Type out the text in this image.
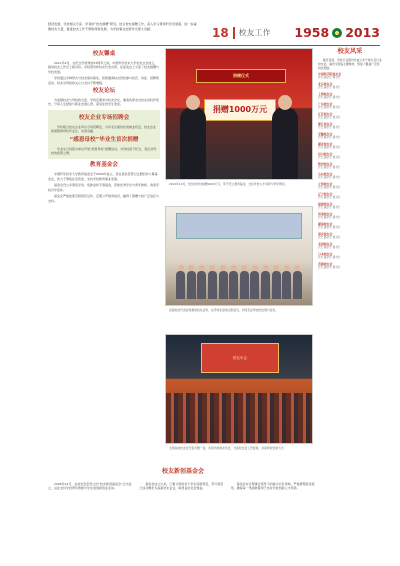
经济发展，学校相关专家、学者的“校友捐赠”研究，结合校友捐赠工作，深入学习贯彻科学发展观，进一步凝聚校友力量，推进校友工作不断取得新发展，为学校事业发展作出更大贡献。	18 校友工作 1958 2013
校友馨桌

2011年4月，在纪念学校建校53周年之际，中国科学技术大学校友总会成立，推动校友工作迈上新台阶。学校领导和校友代表出席，在座谈会上交流了校友捐赠与学校发展。

学校通过多种形式与校友保持联系，积极邀请校友回校参与校庆、讲座、招聘等活动，校友对母校的关心与支持不断增强。

校友论坛

为加强校友与母校的交流，学校定期举办校友论坛，邀请各界杰出校友返校作报告，分享人生经验与职业发展心得，深受在校学生欢迎。

校友企业专场招聘会

学校联合校友企业举办专场招聘会，为毕业生提供优质就业机会，校友企业积极吸纳母校毕业生，实现双赢。

“感恩母校”毕业生首次捐赠

毕业生以班级为单位开展“感恩母校”捐赠活动，为母校留下纪念，表达对母校的感恩之情。

教育基金会

中国科学技术大学教育基金会于2009年成立，是在民政部登记注册的非公募基金会，致力于筹集社会资金，支持学校教育事业发展。

基金会设立多项奖学金、奖教金和专项基金，资助优秀学生与青年教师，改善学校办学条件。

基金会严格按照章程规范运作，定期公开财务信息，赢得了捐赠方的广泛信任与支持。

捐赠仪式
捐赠1000万元
2012年10月，校友向学校捐赠1000万元，用于设立教育基金，支持学校人才培养与科学研究。
各届校友代表返校参加校友活动，在学校礼堂前合影留念，共同见证母校的发展与变化。
校友年会
全国各地校友会代表齐聚一堂，共同出席校友年会，交流校友会工作经验，共谋母校发展大计。
校友风采

截至目前，学校已在国内外成立多个地方及行业校友会，遍布全国各主要城市，形成了覆盖广泛的校友网络。

中国科学院校友会
会长 副会长 秘书长
北京校友会
会长 副会长 秘书长
上海校友会
会长 副会长 秘书长
广东校友会
会长 副会长 秘书长
江苏校友会
会长 副会长 秘书长
浙江校友会
会长 副会长 秘书长
安徽校友会
会长 副会长 秘书长
湖北校友会
会长 副会长 秘书长
四川校友会
会长 副会长 秘书长
陕西校友会
会长 副会长 秘书长
山东校友会
会长 副会长 秘书长
天津校友会
会长 副会长 秘书长
辽宁校友会
会长 副会长 秘书长
福建校友会
会长 副会长 秘书长
河南校友会
会长 副会长 秘书长
湖南校友会
会长 副会长 秘书长
重庆校友会
会长 副会长 秘书长
美国校友会
会长 副会长 秘书长
日本校友会
会长 副会长 秘书长
香港校友会
会长 副会长 秘书长
校友新创基金会

2006年12月，由校友发起设立的“校友新创基金会”正式成立，旨在支持学校青年教师与学生的创新创业活动。

基金会成立以来，已累计资助多个学生创新项目，部分项目已成功孵化为高新技术企业，取得良好社会效益。

基金会实行理事会领导下的秘书长负责制，严格管理资金使用，确保每一笔捐款都用于支持学校创新人才培养。
